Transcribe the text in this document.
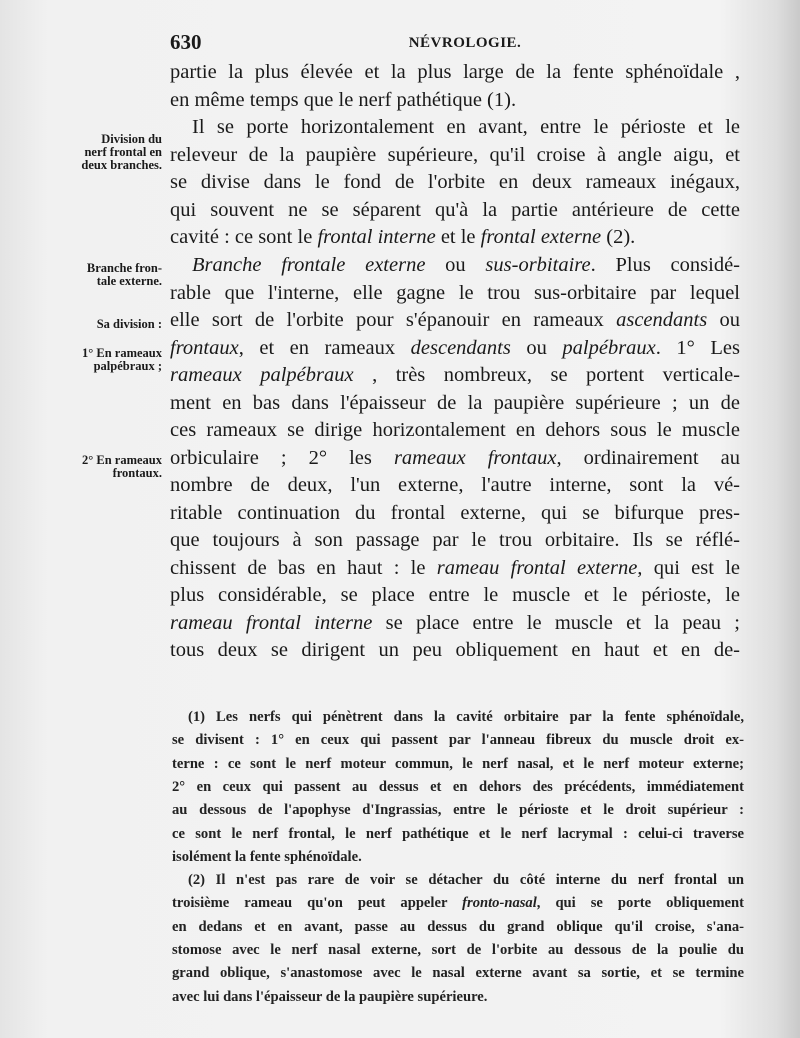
630	NÉVROLOGIE.
Division du
nerf frontal en
deux branches.
Branche fron-
tale externe.
Sa division :
1° En rameaux
palpébraux ;
2° En rameaux
frontaux.
partie la plus élevée et la plus large de la fente sphénoïdale ,
en même temps que le nerf pathétique (1).
Il se porte horizontalement en avant, entre le périoste et le
releveur de la paupière supérieure, qu'il croise à angle aigu, et
se divise dans le fond de l'orbite en deux rameaux inégaux,
qui souvent ne se séparent qu'à la partie antérieure de cette
cavité : ce sont le frontal interne et le frontal externe (2).
Branche frontale externe ou sus-orbitaire. Plus considé-
rable que l'interne, elle gagne le trou sus-orbitaire par lequel
elle sort de l'orbite pour s'épanouir en rameaux ascendants ou
frontaux, et en rameaux descendants ou palpébraux. 1° Les
rameaux palpébraux , très nombreux, se portent verticale-
ment en bas dans l'épaisseur de la paupière supérieure ; un de
ces rameaux se dirige horizontalement en dehors sous le muscle
orbiculaire ; 2° les rameaux frontaux, ordinairement au
nombre de deux, l'un externe, l'autre interne, sont la vé-
ritable continuation du frontal externe, qui se bifurque pres-
que toujours à son passage par le trou orbitaire. Ils se réflé-
chissent de bas en haut : le rameau frontal externe, qui est le
plus considérable, se place entre le muscle et le périoste, le
rameau frontal interne se place entre le muscle et la peau ;
tous deux se dirigent un peu obliquement en haut et en de-
(1) Les nerfs qui pénètrent dans la cavité orbitaire par la fente sphénoïdale,
se divisent : 1° en ceux qui passent par l'anneau fibreux du muscle droit ex-
terne : ce sont le nerf moteur commun, le nerf nasal, et le nerf moteur externe;
2° en ceux qui passent au dessus et en dehors des précédents, immédiatement
au dessous de l'apophyse d'Ingrassias, entre le périoste et le droit supérieur :
ce sont le nerf frontal, le nerf pathétique et le nerf lacrymal : celui-ci traverse
isolément la fente sphénoïdale.
(2) Il n'est pas rare de voir se détacher du côté interne du nerf frontal un
troisième rameau qu'on peut appeler fronto-nasal, qui se porte obliquement
en dedans et en avant, passe au dessus du grand oblique qu'il croise, s'ana-
stomose avec le nerf nasal externe, sort de l'orbite au dessous de la poulie du
grand oblique, s'anastomose avec le nasal externe avant sa sortie, et se termine
avec lui dans l'épaisseur de la paupière supérieure.
